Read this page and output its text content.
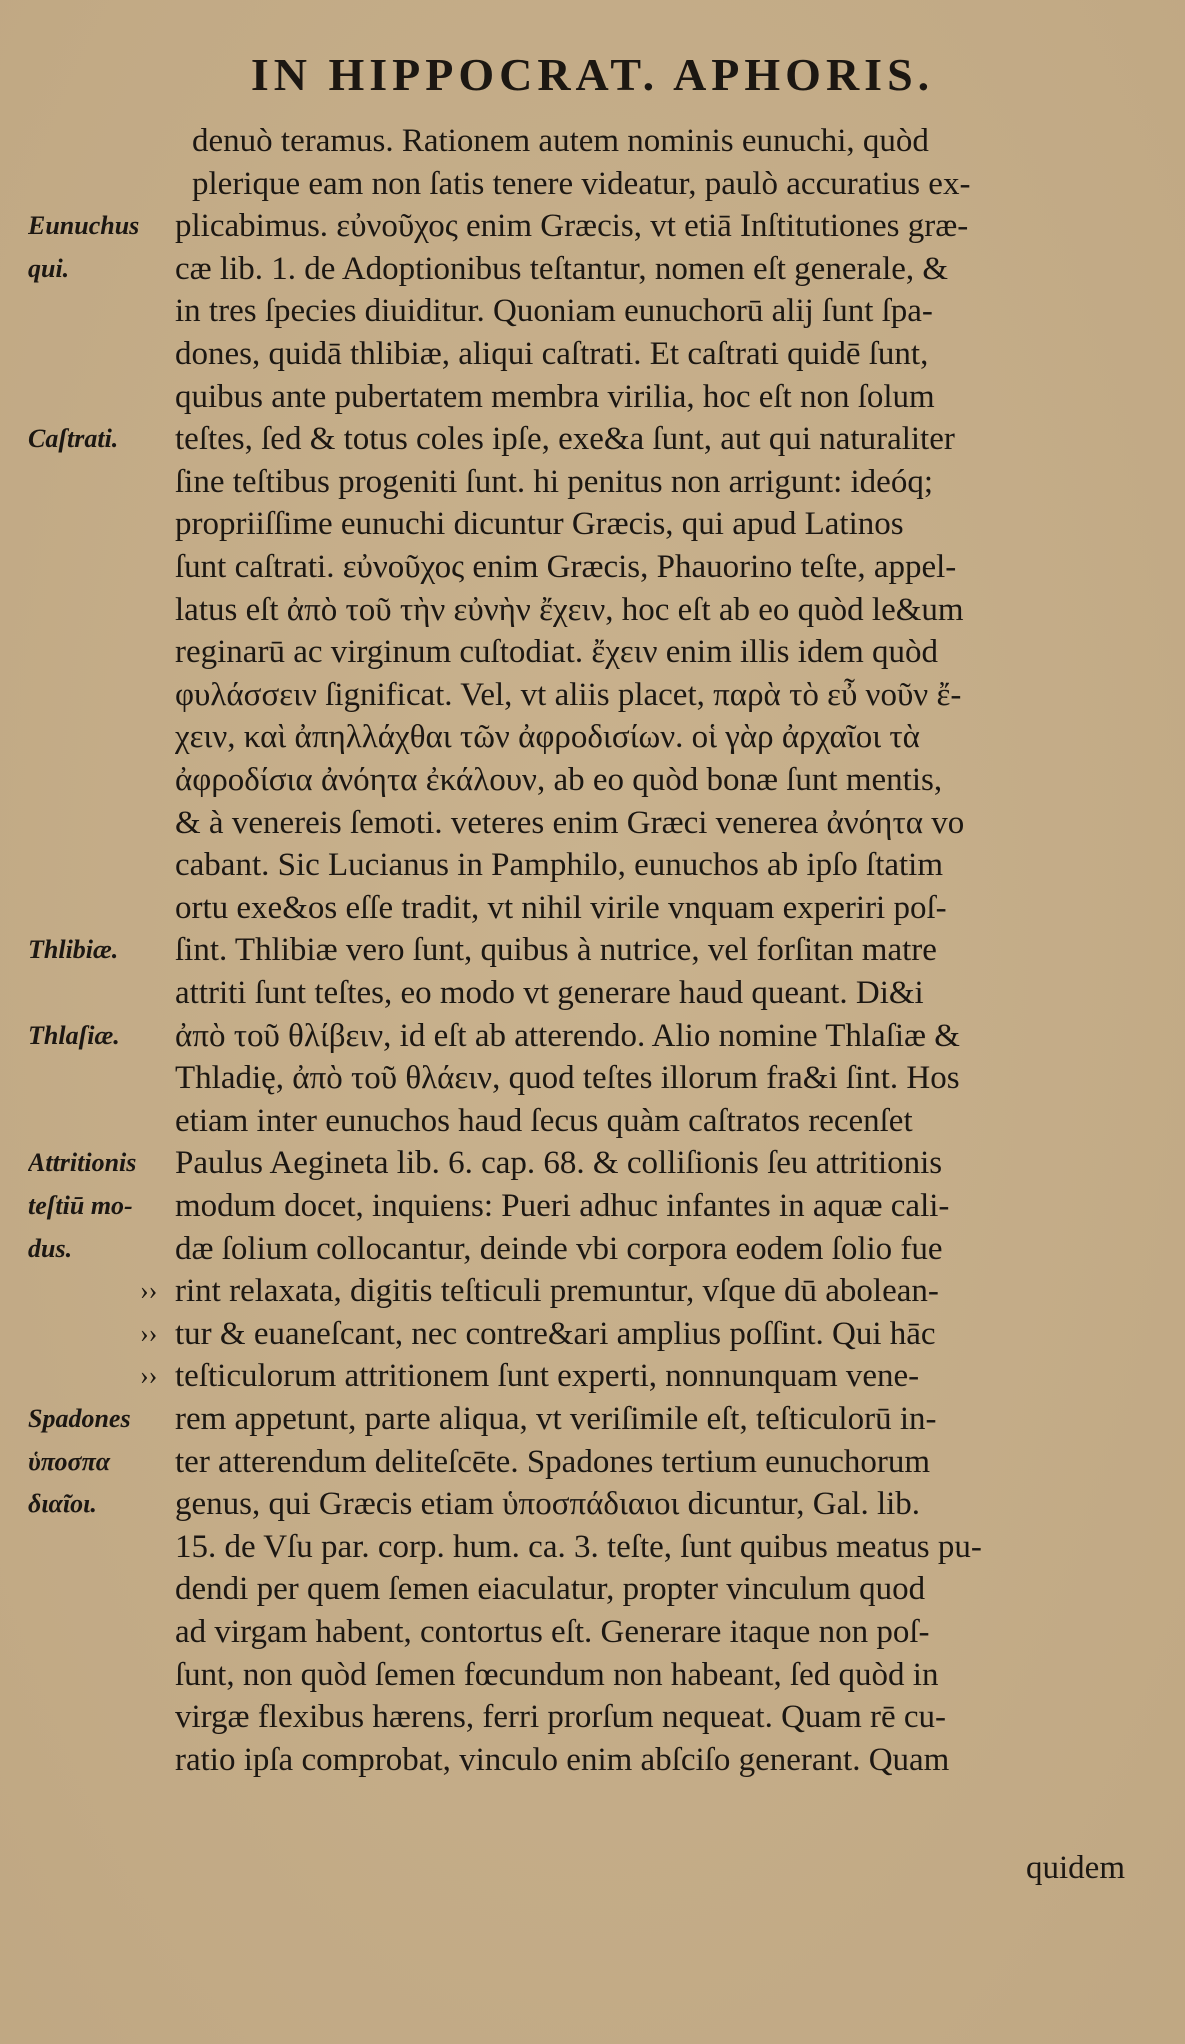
IN HIPPOCRAT. APHORIS.
denuò teramus. Rationem autem nominis eunuchi, quòd
plerique eam non ſatis tenere videatur, paulò accuratius ex-
plicabimus. εὐνοῦχος enim Græcis, vt etiā Inſtitutiones græ-
cæ lib. 1. de Adoptionibus teſtantur, nomen eſt generale, &
in tres ſpecies diuiditur. Quoniam eunuchorū alij ſunt ſpa-
dones, quidā thlibiæ, aliqui caſtrati. Et caſtrati quidē ſunt,
quibus ante pubertatem membra virilia, hoc eſt non ſolum
teſtes, ſed & totus coles ipſe, exe&a ſunt, aut qui naturaliter
ſine teſtibus progeniti ſunt. hi penitus non arrigunt: ideóq;
propriiſſime eunuchi dicuntur Græcis, qui apud Latinos
ſunt caſtrati. εὐνοῦχος enim Græcis, Phauorino teſte, appel-
latus eſt ἀπὸ τοῦ τὴν εὐνὴν ἔχειν, hoc eſt ab eo quòd le&um
reginarū ac virginum cuſtodiat. ἔχειν enim illis idem quòd
φυλάσσειν ſignificat. Vel, vt aliis placet, παρὰ τὸ εὖ νοῦν ἔ-
χειν, καὶ ἀπηλλάχθαι τῶν ἀφροδισίων. οἱ γὰρ ἀρχαῖοι τὰ
ἀφροδίσια ἀνόητα ἐκάλουν, ab eo quòd bonæ ſunt mentis,
& à venereis ſemoti. veteres enim Græci venerea ἀνόητα vo
cabant. Sic Lucianus in Pamphilo, eunuchos ab ipſo ſtatim
ortu exe&os eſſe tradit, vt nihil virile vnquam experiri poſ-
ſint. Thlibiæ vero ſunt, quibus à nutrice, vel forſitan matre
attriti ſunt teſtes, eo modo vt generare haud queant. Di&i
ἀπὸ τοῦ θλίβειν, id eſt ab atterendo. Alio nomine Thlaſiæ &
Thladię, ἀπὸ τοῦ θλάειν, quod teſtes illorum fra&i ſint. Hos
etiam inter eunuchos haud ſecus quàm caſtratos recenſet
Paulus Aegineta lib. 6. cap. 68. & colliſionis ſeu attritionis
modum docet, inquiens: Pueri adhuc infantes in aquæ cali-
dæ ſolium collocantur, deinde vbi corpora eodem ſolio fue
rint relaxata, digitis teſticuli premuntur, vſque dū abolean-
tur & euaneſcant, nec contre&ari amplius poſſint. Qui hāc
teſticulorum attritionem ſunt experti, nonnunquam vene-
rem appetunt, parte aliqua, vt veriſimile eſt, teſticulorū in-
ter atterendum deliteſcēte. Spadones tertium eunuchorum
genus, qui Græcis etiam ὑποσπάδιαιοι dicuntur, Gal. lib.
15. de Vſu par. corp. hum. ca. 3. teſte, ſunt quibus meatus pu-
dendi per quem ſemen eiaculatur, propter vinculum quod
ad virgam habent, contortus eſt. Generare itaque non poſ-
ſunt, non quòd ſemen fœcundum non habeant, ſed quòd in
virgæ flexibus hærens, ferri prorſum nequeat. Quam rē cu-
ratio ipſa comprobat, vinculo enim abſciſo generant. Quam
Eunuchus
qui.
Caſtrati.
Thlibiæ.
Thlaſiæ.
Attritionis
teſtiū mo-
dus.
Spadones
ὑποσπα
διαῖοι.
››
››
››
quidem
